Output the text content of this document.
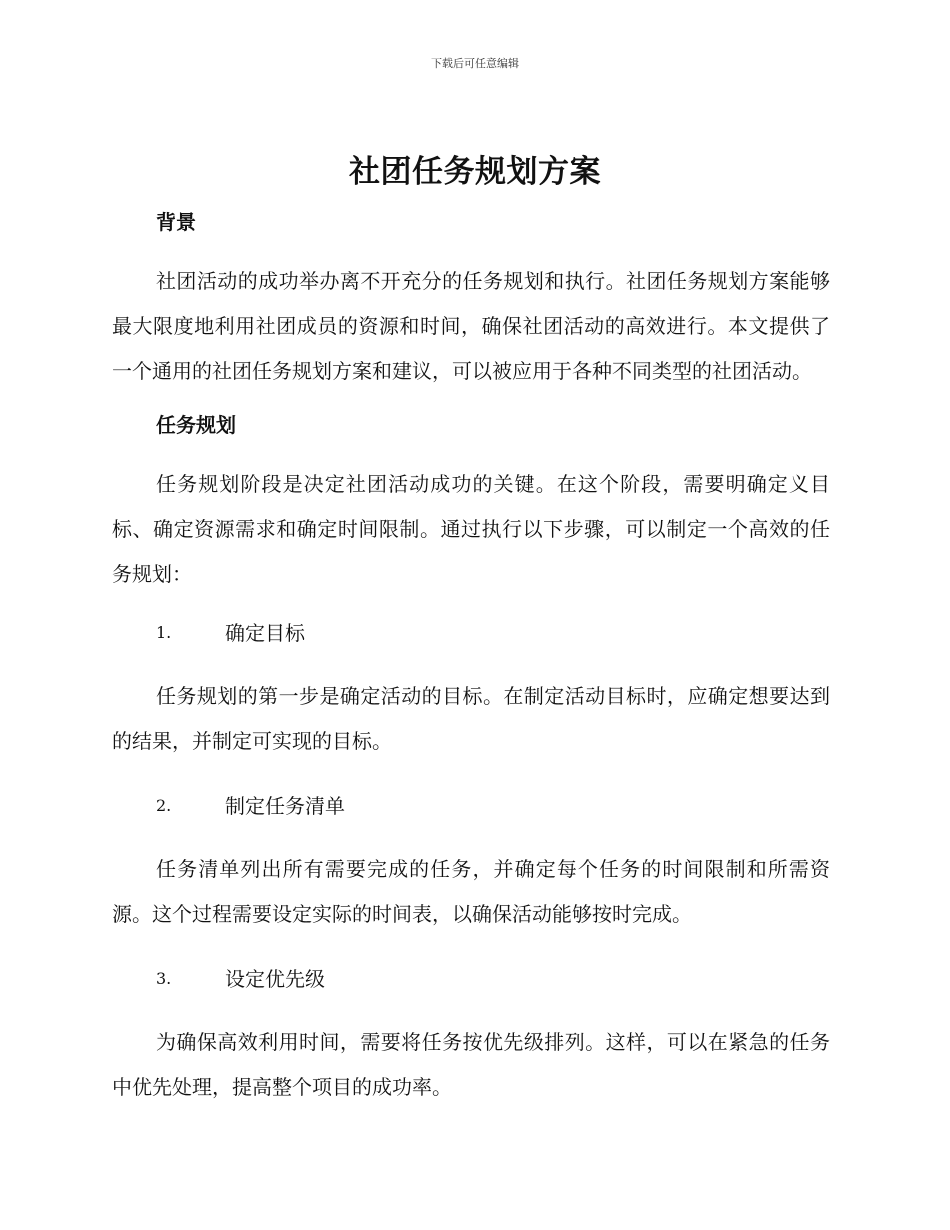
下载后可任意编辑
社团任务规划方案
背景

社团活动的成功举办离不开充分的任务规划和执行。社团任务规划方案能够最大限度地利用社团成员的资源和时间，确保社团活动的高效进行。本文提供了一个通用的社团任务规划方案和建议，可以被应用于各种不同类型的社团活动。

任务规划

任务规划阶段是决定社团活动成功的关键。在这个阶段，需要明确定义目标、确定资源需求和确定时间限制。通过执行以下步骤，可以制定一个高效的任务规划：

1.	确定目标

任务规划的第一步是确定活动的目标。在制定活动目标时，应确定想要达到的结果，并制定可实现的目标。

2.	制定任务清单

任务清单列出所有需要完成的任务，并确定每个任务的时间限制和所需资源。这个过程需要设定实际的时间表，以确保活动能够按时完成。

3.	设定优先级

为确保高效利用时间，需要将任务按优先级排列。这样，可以在紧急的任务中优先处理，提高整个项目的成功率。
